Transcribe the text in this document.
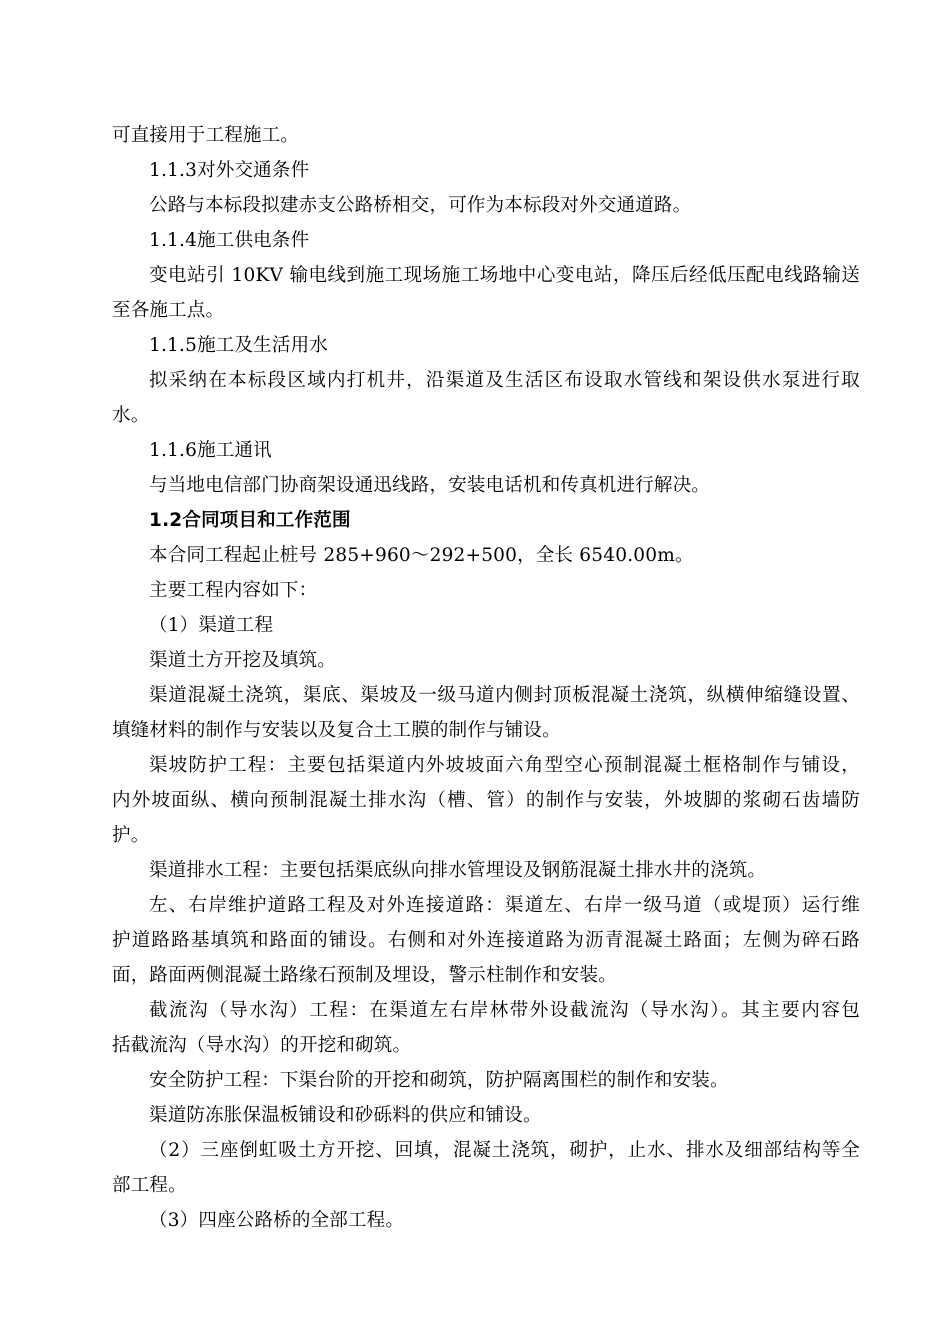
可直接用于工程施工。
1.1.3对外交通条件
公路与本标段拟建赤支公路桥相交，可作为本标段对外交通道路。
1.1.4施工供电条件
变电站引 10KV 输电线到施工现场施工场地中心变电站，降压后经低压配电线路输送
至各施工点。
1.1.5施工及生活用水
拟采纳在本标段区域内打机井，沿渠道及生活区布设取水管线和架设供水泵进行取
水。
1.1.6施工通讯
与当地电信部门协商架设通迅线路，安装电话机和传真机进行解决。
1.2合同项目和工作范围
本合同工程起止桩号 285+960～292+500，全长 6540.00m。
主要工程内容如下：
（1）渠道工程
渠道土方开挖及填筑。
渠道混凝土浇筑，渠底、渠坡及一级马道内侧封顶板混凝土浇筑，纵横伸缩缝设置、
填缝材料的制作与安装以及复合土工膜的制作与铺设。
渠坡防护工程：主要包括渠道内外坡坡面六角型空心预制混凝土框格制作与铺设，
内外坡面纵、横向预制混凝土排水沟（槽、管）的制作与安装，外坡脚的浆砌石齿墙防
护。
渠道排水工程：主要包括渠底纵向排水管埋设及钢筋混凝土排水井的浇筑。
左、右岸维护道路工程及对外连接道路：渠道左、右岸一级马道（或堤顶）运行维
护道路路基填筑和路面的铺设。右侧和对外连接道路为沥青混凝土路面；左侧为碎石路
面，路面两侧混凝土路缘石预制及埋设，警示柱制作和安装。
截流沟（导水沟）工程：在渠道左右岸林带外设截流沟（导水沟）。其主要内容包
括截流沟（导水沟）的开挖和砌筑。
安全防护工程：下渠台阶的开挖和砌筑，防护隔离围栏的制作和安装。
渠道防冻胀保温板铺设和砂砾料的供应和铺设。
（2）三座倒虹吸土方开挖、回填，混凝土浇筑，砌护，止水、排水及细部结构等全
部工程。
（3）四座公路桥的全部工程。
